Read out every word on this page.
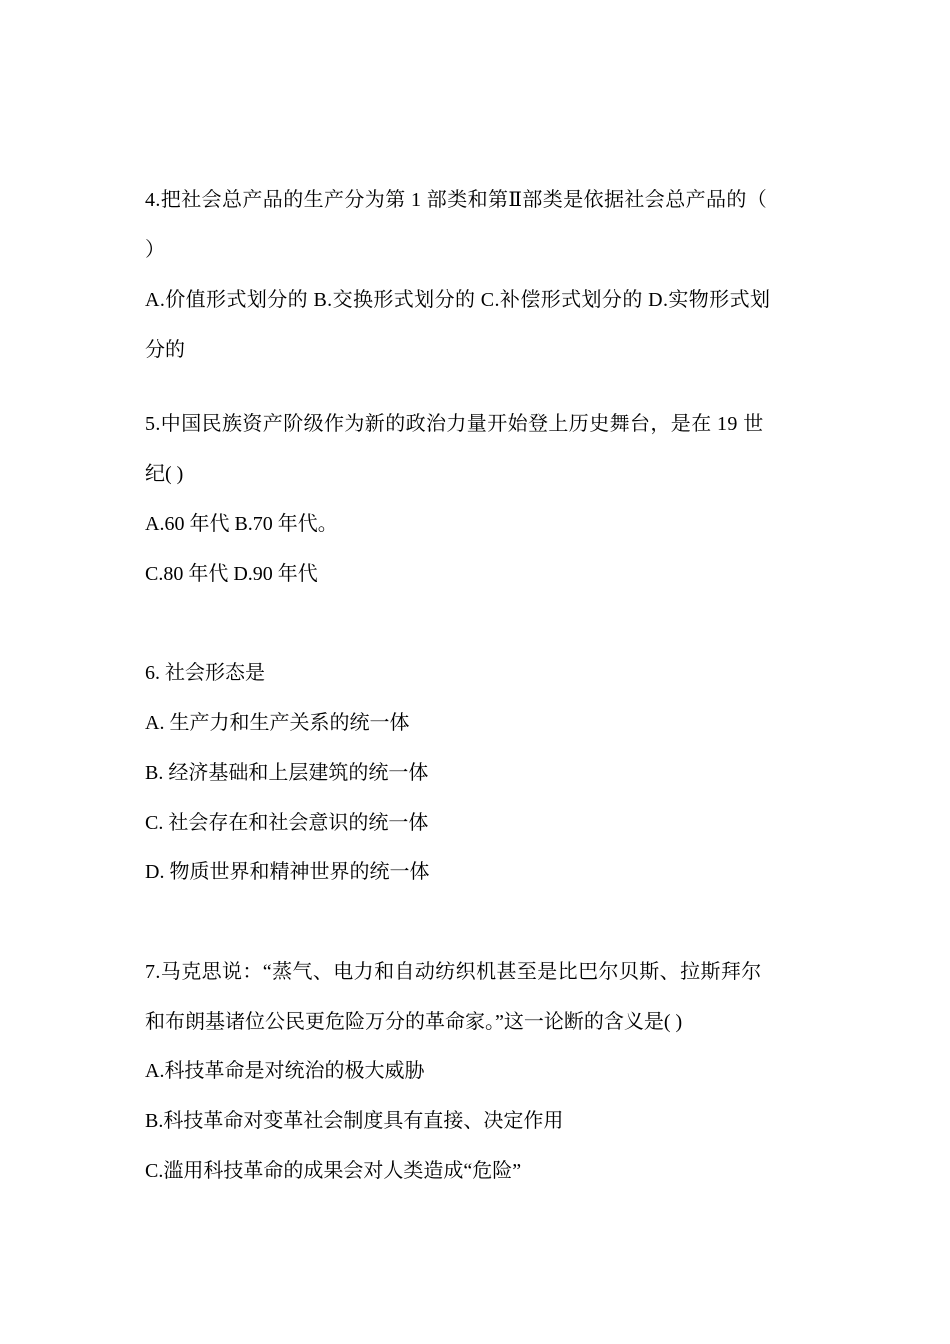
4.把社会总产品的生产分为第 1 部类和第Ⅱ部类是依据社会总产品的（
）
A.价值形式划分的 B.交换形式划分的 C.补偿形式划分的 D.实物形式划
分的
5.中国民族资产阶级作为新的政治力量开始登上历史舞台，是在 19 世
纪( )
A.60 年代 B.70 年代。
C.80 年代 D.90 年代
6. 社会形态是
A. 生产力和生产关系的统一体
B. 经济基础和上层建筑的统一体
C. 社会存在和社会意识的统一体
D. 物质世界和精神世界的统一体
7.马克思说：“蒸气、电力和自动纺织机甚至是比巴尔贝斯、拉斯拜尔
和布朗基诸位公民更危险万分的革命家。”这一论断的含义是( )
A.科技革命是对统治的极大威胁
B.科技革命对变革社会制度具有直接、决定作用
C.滥用科技革命的成果会对人类造成“危险”
